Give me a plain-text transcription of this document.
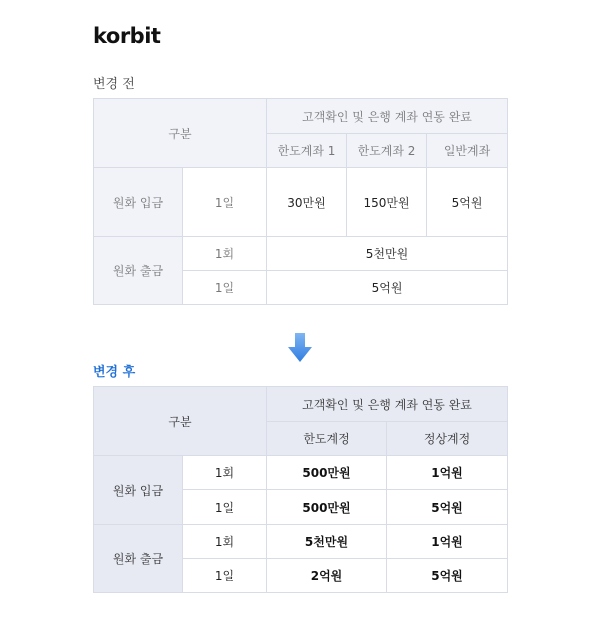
korbit
변경 전
구분		고객확인 및 은행 계좌 연동 완료		
		한도계좌 1	한도계좌 2	일반계좌
원화 입금	1일	30만원	150만원	5억원
원화 출금	1회	5천만원		
	1일	5억원		
변경 후
구분		고객확인 및 은행 계좌 연동 완료	
		한도계정	정상계정
원화 입금	1회	500만원	1억원
	1일	500만원	5억원
원화 출금	1회	5천만원	1억원
	1일	2억원	5억원
